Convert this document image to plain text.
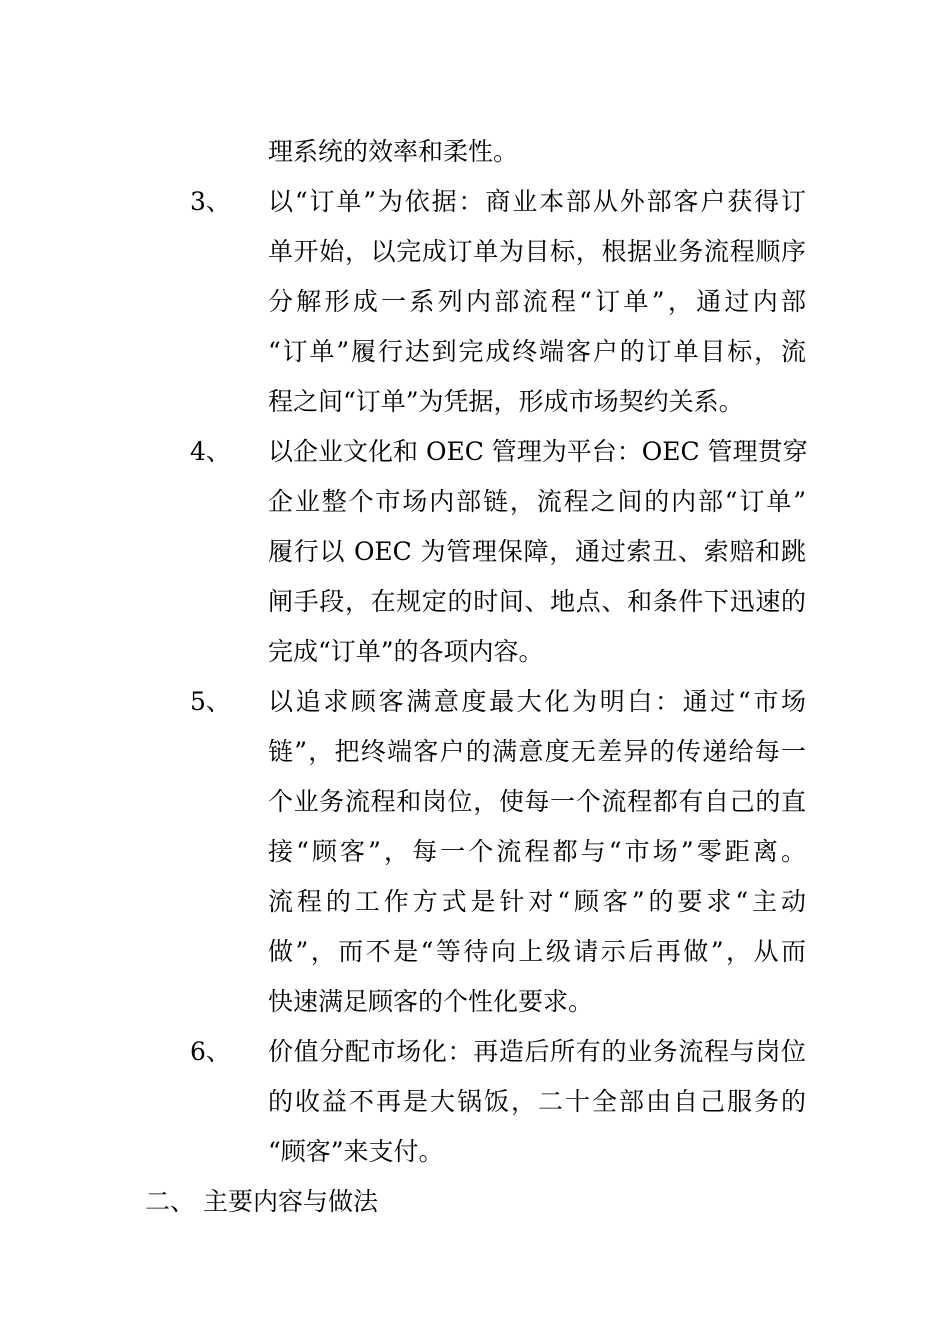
理系统的效率和柔性。
3、 以“订单”为依据：商业本部从外部客户获得订
单开始，以完成订单为目标，根据业务流程顺序
分解形成一系列内部流程“订单”，通过内部
“订单”履行达到完成终端客户的订单目标，流
程之间“订单”为凭据，形成市场契约关系。
4、 以企业文化和 OEC 管理为平台：OEC 管理贯穿
企业整个市场内部链，流程之间的内部“订单”
履行以 OEC 为管理保障，通过索丑、索赔和跳
闸手段，在规定的时间、地点、和条件下迅速的
完成“订单”的各项内容。
5、 以追求顾客满意度最大化为明白：通过“市场
链”，把终端客户的满意度无差异的传递给每一
个业务流程和岗位，使每一个流程都有自己的直
接“顾客”，每一个流程都与“市场”零距离。
流程的工作方式是针对“顾客”的要求“主动
做”，而不是“等待向上级请示后再做”，从而
快速满足顾客的个性化要求。
6、 价值分配市场化：再造后所有的业务流程与岗位
的收益不再是大锅饭，二十全部由自己服务的
“顾客”来支付。
二、 主要内容与做法
